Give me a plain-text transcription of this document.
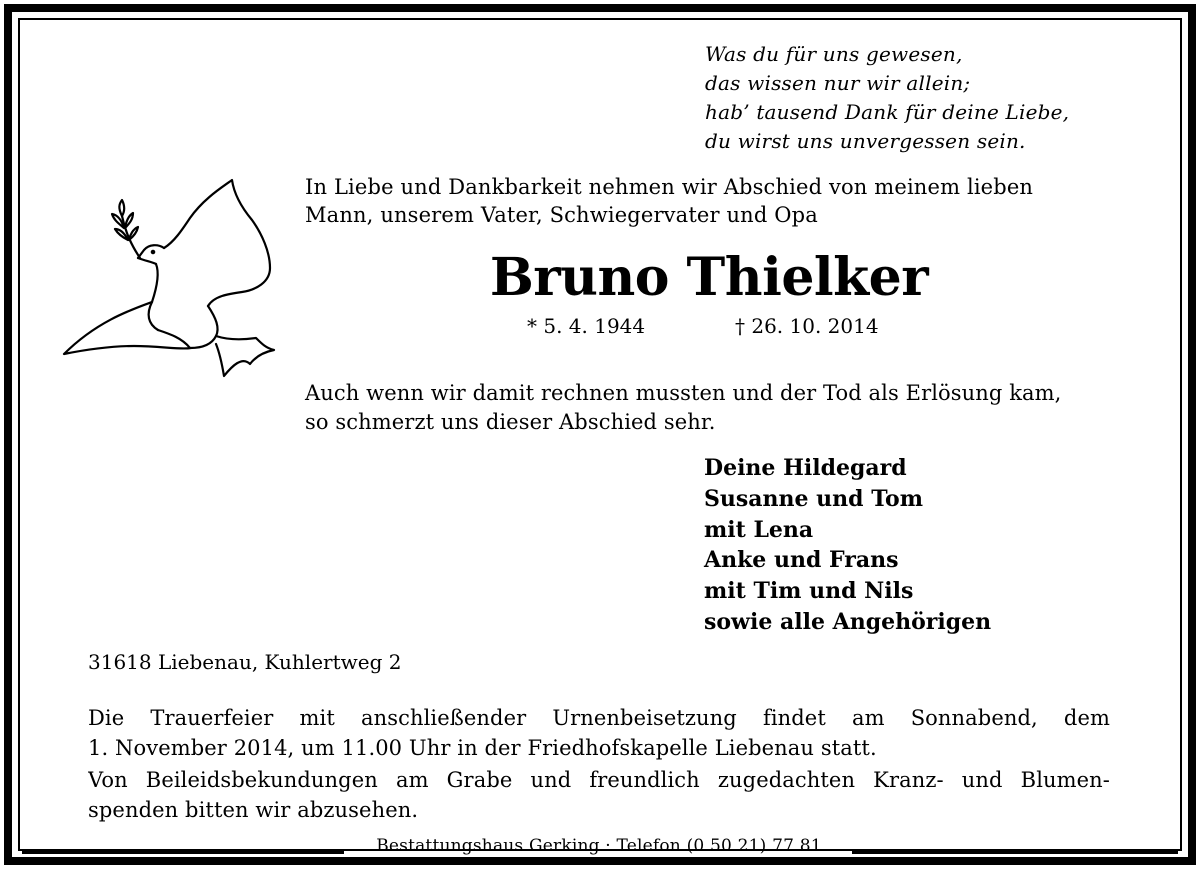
Was du für uns gewesen,
das wissen nur wir allein;
hab’ tausend Dank für deine Liebe,
du wirst uns unvergessen sein.
In Liebe und Dankbarkeit nehmen wir Abschied von meinem lieben
Mann, unserem Vater, Schwiegervater und Opa
Bruno Thielker
* 5. 4. 1944	† 26. 10. 2014
Auch wenn wir damit rechnen mussten und der Tod als Erlösung kam,
so schmerzt uns dieser Abschied sehr.
Deine Hildegard
Susanne und Tom
mit Lena
Anke und Frans
mit Tim und Nils
sowie alle Angehörigen
31618 Liebenau, Kuhlertweg 2
Die Trauerfeier mit anschließender Urnenbeisetzung findet am Sonnabend, dem
1. November 2014, um 11.00 Uhr in der Friedhofskapelle Liebenau statt.
Von Beileidsbekundungen am Grabe und freundlich zugedachten Kranz- und Blumen-
spenden bitten wir abzusehen.
Bestattungshaus Gerking · Telefon (0 50 21) 77 81
